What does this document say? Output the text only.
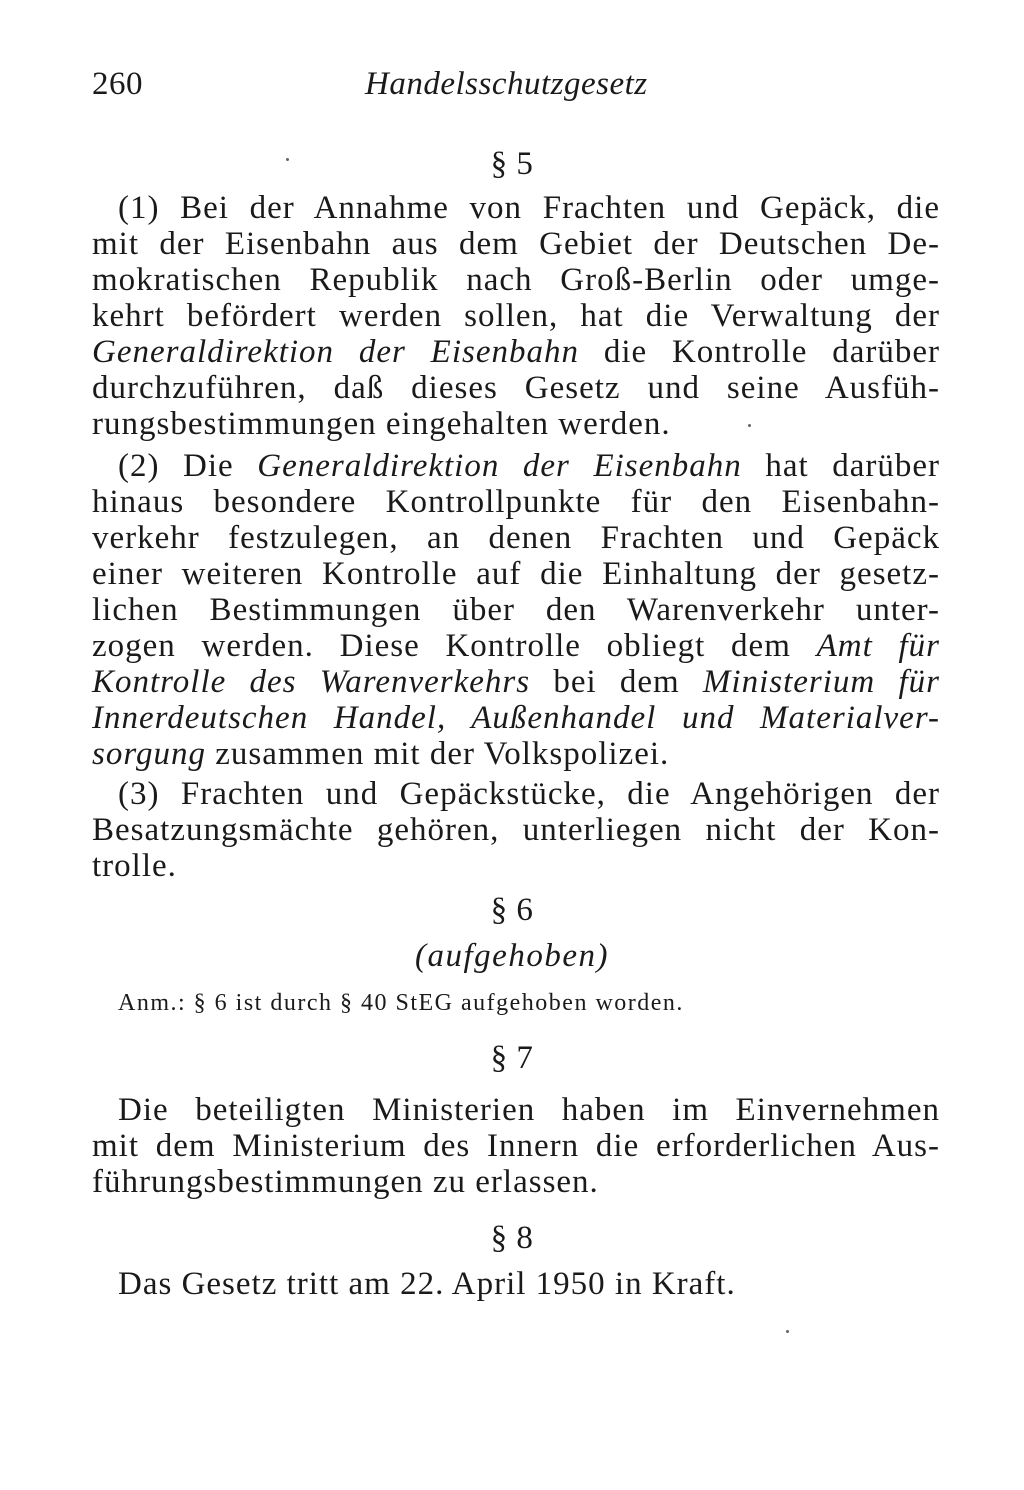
260	Handelsschutzgesetz
§ 5
(1) Bei der Annahme von Frachten und Gepäck, die
mit der Eisenbahn aus dem Gebiet der Deutschen De-
mokratischen Republik nach Groß-Berlin oder umge-
kehrt befördert werden sollen, hat die Verwaltung der
Generaldirektion der Eisenbahn die Kontrolle darüber
durchzuführen, daß dieses Gesetz und seine Ausfüh-
rungsbestimmungen eingehalten werden.
(2) Die Generaldirektion der Eisenbahn hat darüber
hinaus besondere Kontrollpunkte für den Eisenbahn-
verkehr festzulegen, an denen Frachten und Gepäck
einer weiteren Kontrolle auf die Einhaltung der gesetz-
lichen Bestimmungen über den Warenverkehr unter-
zogen werden. Diese Kontrolle obliegt dem Amt für
Kontrolle des Warenverkehrs bei dem Ministerium für
Innerdeutschen Handel, Außenhandel und Materialver-
sorgung zusammen mit der Volkspolizei.
(3) Frachten und Gepäckstücke, die Angehörigen der
Besatzungsmächte gehören, unterliegen nicht der Kon-
trolle.
§ 6
(aufgehoben)
Anm.: § 6 ist durch § 40 StEG aufgehoben worden.
§ 7
Die beteiligten Ministerien haben im Einvernehmen
mit dem Ministerium des Innern die erforderlichen Aus-
führungsbestimmungen zu erlassen.
§ 8
Das Gesetz tritt am 22. April 1950 in Kraft.
